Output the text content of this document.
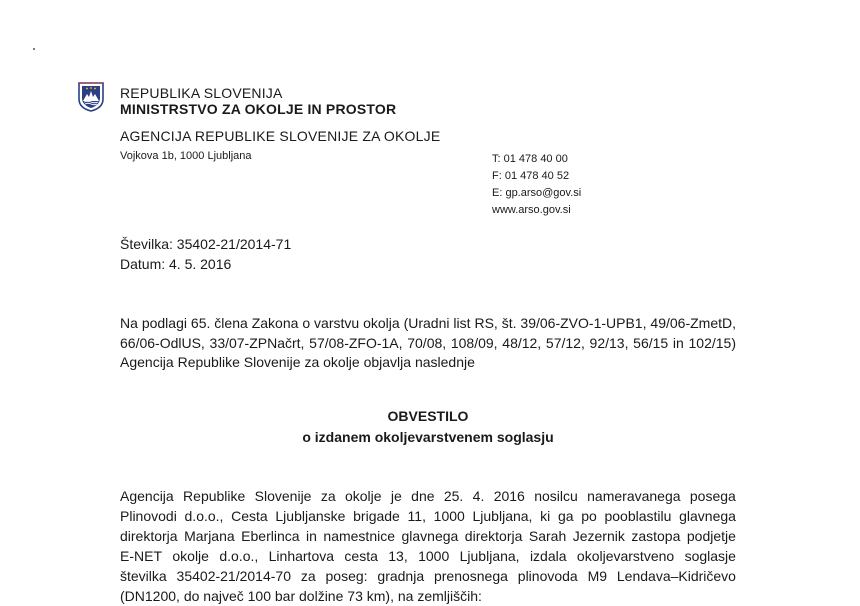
REPUBLIKA SLOVENIJA
MINISTRSTVO ZA OKOLJE IN PROSTOR
AGENCIJA REPUBLIKE SLOVENIJE ZA OKOLJE
Vojkova 1b, 1000 Ljubljana	T: 01 478 40 00
F: 01 478 40 52
E: gp.arso@gov.si
www.arso.gov.si
Številka: 35402-21/2014-71
Datum: 4. 5. 2016
Na podlagi 65. člena Zakona o varstvu okolja (Uradni list RS, št. 39/06-ZVO-1-UPB1, 49/06-ZmetD, 66/06-OdlUS, 33/07-ZPNačrt, 57/08-ZFO-1A, 70/08, 108/09, 48/12, 57/12, 92/13, 56/15 in 102/15) Agencija Republike Slovenije za okolje objavlja naslednje
OBVESTILO
o izdanem okoljevarstvenem soglasju
Agencija Republike Slovenije za okolje je dne 25. 4. 2016 nosilcu nameravanega posega
Plinovodi d.o.o., Cesta Ljubljanske brigade 11, 1000 Ljubljana, ki ga po pooblastilu glavnega
direktorja Marjana Eberlinca in namestnice glavnega direktorja Sarah Jezernik zastopa podjetje
E-NET okolje d.o.o., Linhartova cesta 13, 1000 Ljubljana, izdala okoljevarstveno soglasje
številka 35402-21/2014-70 za poseg: gradnja prenosnega plinovoda M9 Lendava–Kidričevo
(DN1200, do največ 100 bar dolžine 73 km), na zemljiščih:
